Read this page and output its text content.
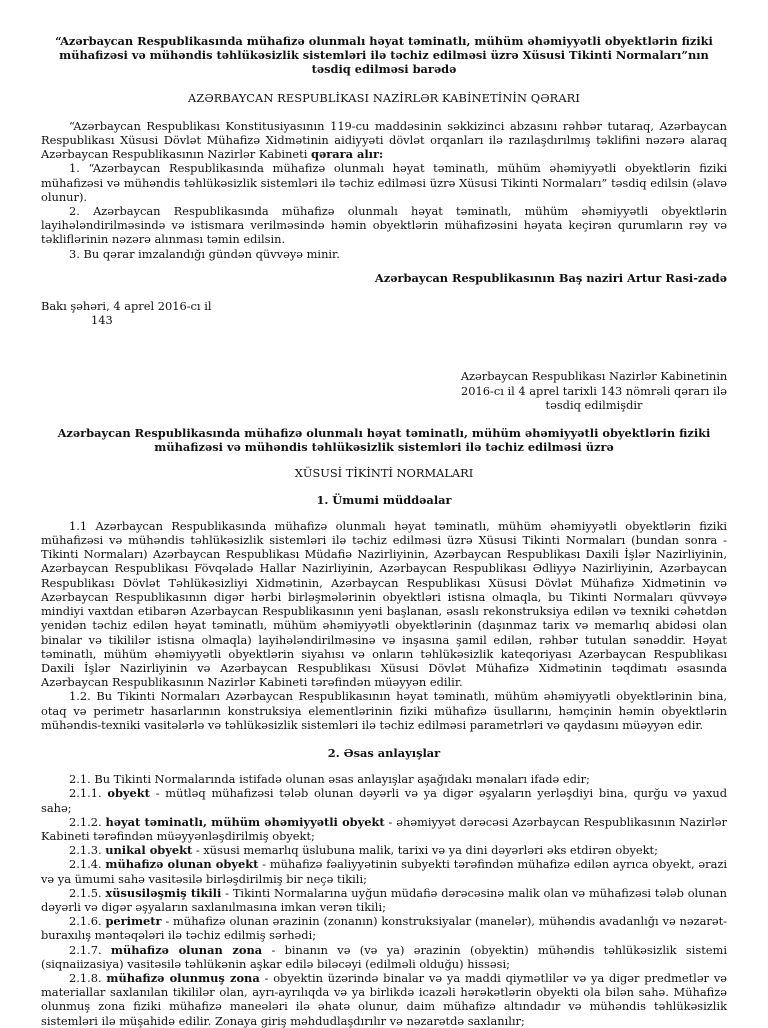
“Azərbaycan Respublikasında mühafizə olunmalı həyat təminatlı, mühüm əhəmiyyətli obyektlərin fiziki mühafizəsi və mühəndis təhlükəsizlik sistemləri ilə təchiz edilməsi üzrə Xüsusi Tikinti Normaları”nın təsdiq edilməsi barədə

AZƏRBAYCAN RESPUBLİKASI NAZİRLƏR KABİNETİNİN QƏRARI

“Azərbaycan Respublikası Konstitusiyasının 119-cu maddəsinin səkkizinci abzasını rəhbər tutaraq, Azərbaycan Respublikası Xüsusi Dövlət Mühafizə Xidmətinin aidiyyəti dövlət orqanları ilə razılaşdırılmış təklifini nəzərə alaraq Azərbaycan Respublikasının Nazirlər Kabineti qərara alır:

1. “Azərbaycan Respublikasında mühafizə olunmalı həyat təminatlı, mühüm əhəmiyyətli obyektlərin fiziki mühafizəsi və mühəndis təhlükəsizlik sistemləri ilə təchiz edilməsi üzrə Xüsusi Tikinti Normaları” təsdiq edilsin (əlavə olunur).

2. Azərbaycan Respublikasında mühafizə olunmalı həyat təminatlı, mühüm əhəmiyyətli obyektlərin layihələndirilməsində və istismara verilməsində həmin obyektlərin mühafizəsini həyata keçirən qurumların rəy və təkliflərinin nəzərə alınması təmin edilsin.

3. Bu qərar imzalandığı gündən qüvvəyə minir.

Azərbaycan Respublikasının Baş naziri Artur Rasi-zadə

Bakı şəhəri, 4 aprel 2016-cı il

143

Azərbaycan Respublikası Nazirlər Kabinetinin
2016-cı il 4 aprel tarixli 143 nömrəli qərarı ilə
təsdiq edilmişdir

Azərbaycan Respublikasında mühafizə olunmalı həyat təminatlı, mühüm əhəmiyyətli obyektlərin fiziki mühafizəsi və mühəndis təhlükəsizlik sistemləri ilə təchiz edilməsi üzrə

XÜSUSİ TİKİNTİ NORMALARI

1. Ümumi müddəalar

1.1 Azərbaycan Respublikasında mühafizə olunmalı həyat təminatlı, mühüm əhəmiyyətli obyektlərin fiziki mühafizəsi və mühəndis təhlükəsizlik sistemləri ilə təchiz edilməsi üzrə Xüsusi Tikinti Normaları (bundan sonra - Tikinti Normaları) Azərbaycan Respublikası Müdafiə Nazirliyinin, Azərbaycan Respublikası Daxili İşlər Nazirliyinin, Azərbaycan Respublikası Fövqəladə Hallar Nazirliyinin, Azərbaycan Respublikası Ədliyyə Nazirliyinin, Azərbaycan Respublikası Dövlət Təhlükəsizliyi Xidmətinin, Azərbaycan Respublikası Xüsusi Dövlət Mühafizə Xidmətinin və Azərbaycan Respublikasının digər hərbi birləşmələrinin obyektləri istisna olmaqla, bu Tikinti Normaları qüvvəyə mindiyi vaxtdan etibarən Azərbaycan Respublikasının yeni başlanan, əsaslı rekonstruksiya edilən və texniki cəhətdən yenidən təchiz edilən həyat təminatlı, mühüm əhəmiyyətli obyektlərinin (daşınmaz tarix və memarlıq abidəsi olan binalar və tikililər istisna olmaqla) layihələndirilməsinə və inşasına şamil edilən, rəhbər tutulan sənəddir. Həyat təminatlı, mühüm əhəmiyyətli obyektlərin siyahısı və onların təhlükəsizlik kateqoriyası Azərbaycan Respublikası Daxili İşlər Nazirliyinin və Azərbaycan Respublikası Xüsusi Dövlət Mühafizə Xidmətinin təqdimatı əsasında Azərbaycan Respublikasının Nazirlər Kabineti tərəfindən müəyyən edilir.

1.2. Bu Tikinti Normaları Azərbaycan Respublikasının həyat təminatlı, mühüm əhəmiyyətli obyektlərinin bina, otaq və perimetr hasarlarının konstruksiya elementlərinin fiziki mühafizə üsullarını, həmçinin həmin obyektlərin mühəndis-texniki vasitələrlə və təhlükəsizlik sistemləri ilə təchiz edilməsi parametrləri və qaydasını müəyyən edir.

2. Əsas anlayışlar

2.1. Bu Tikinti Normalarında istifadə olunan əsas anlayışlar aşağıdakı mənaları ifadə edir;

2.1.1. obyekt - mütləq mühafizəsi tələb olunan dəyərli və ya digər əşyaların yerləşdiyi bina, qurğu və yaxud sahə;

2.1.2. həyat təminatlı, mühüm əhəmiyyətli obyekt - əhəmiyyət dərəcəsi Azərbaycan Respublikasının Nazirlər Kabineti tərəfindən müəyyənləşdirilmiş obyekt;

2.1.3. unikal obyekt - xüsusi memarlıq üslubuna malik, tarixi və ya dini dəyərləri əks etdirən obyekt;

2.1.4. mühafizə olunan obyekt - mühafizə fəaliyyətinin subyekti tərəfindən mühafizə edilən ayrıca obyekt, ərazi və ya ümumi sahə vasitəsilə birləşdirilmiş bir neçə tikili;

2.1.5. xüsusiləşmiş tikili - Tikinti Normalarına uyğun müdafiə dərəcəsinə malik olan və mühafizəsi tələb olunan dəyərli və digər əşyaların saxlanılmasına imkan verən tikili;

2.1.6. perimetr - mühafizə olunan ərazinin (zonanın) konstruksiyalar (manelər), mühəndis avadanlığı və nəzarət-buraxılış məntəqələri ilə təchiz edilmiş sərhədi;

2.1.7. mühafizə olunan zona - binanın və (və ya) ərazinin (obyektin) mühəndis təhlükəsizlik sistemi (siqnaiizasiya) vasitəsilə təhlükənin aşkar edilə biləcəyi (edilməli olduğu) hissəsi;

2.1.8. mühafizə olunmuş zona - obyektin üzərində binalar və ya maddi qiymətlilər və ya digər predmetlər və materiallar saxlanılan tikililər olan, ayrı-ayrılıqda və ya birlikdə icazəli hərəkətlərin obyekti ola bilən sahə. Mühafizə olunmuş zona fiziki mühafizə maneələri ilə əhatə olunur, daim mühafizə altındadır və mühəndis təhlükəsizlik sistemləri ilə müşahidə edilir. Zonaya giriş məhdudlaşdırılır və nəzarətdə saxlanılır;
